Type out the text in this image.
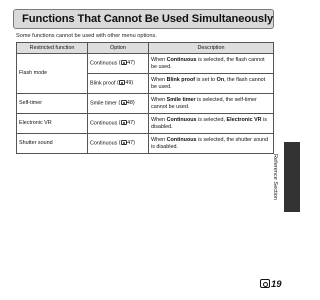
Functions That Cannot Be Used Simultaneously
Some functions cannot be used with other menu options.
Restricted function	Option	Description
Flash mode	Continuous ( 47)	When Continuous is selected, the flash cannot be used.
	Blink proof ( 49)	When Blink proof is set to On, the flash cannot be used.
Self-timer	Smile timer ( 48)	When Smile timer is selected, the self-timer cannot be used.
Electronic VR	Continuous ( 47)	When Continuous is selected, Electronic VR is disabled.
Shutter sound	Continuous ( 47)	When Continuous is selected, the shutter sound is disabled.
Reference Section
19
